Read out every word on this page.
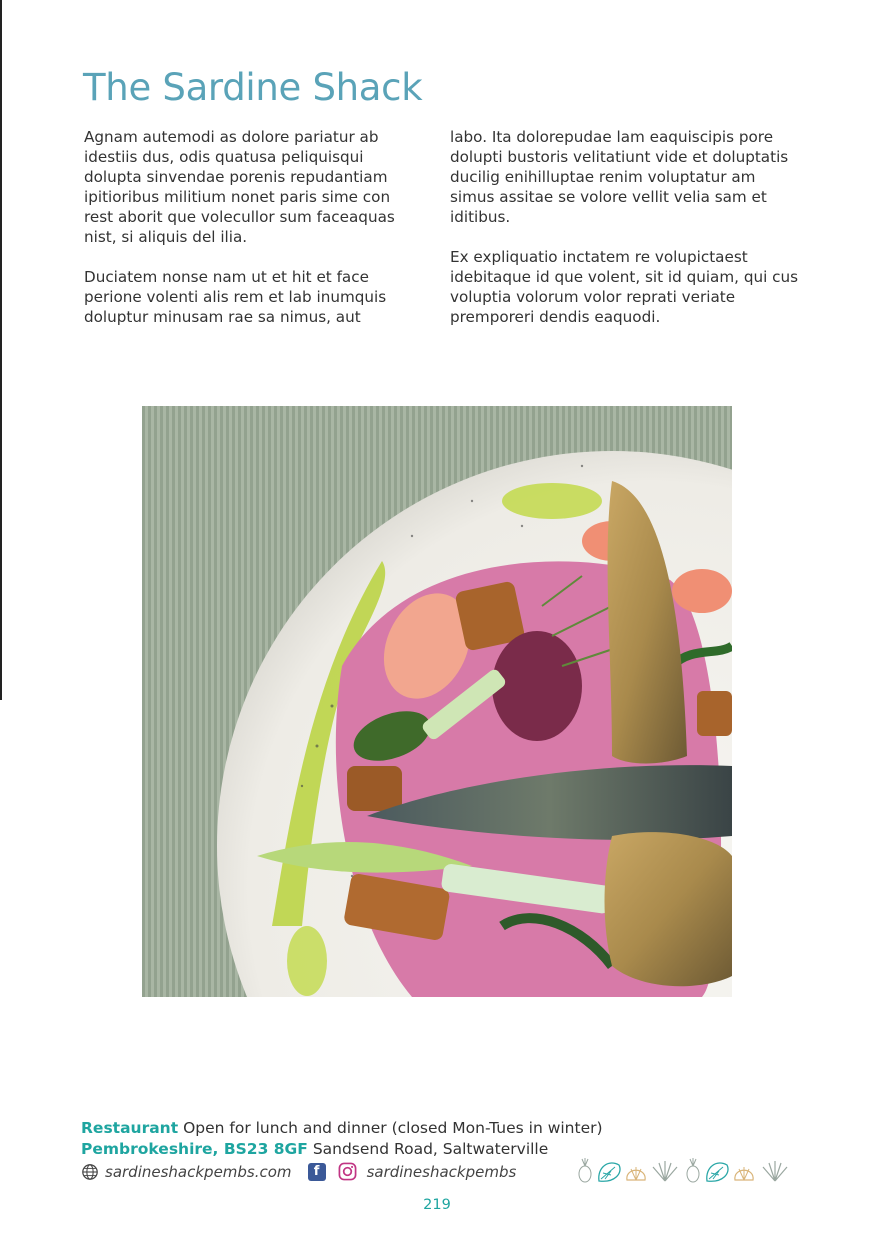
The Sardine Shack

Agnam autemodi as dolore pariatur ab idestiis dus, odis quatusa peliquisqui dolupta sinvendae porenis repudantiam ipitioribus militium nonet paris sime con rest aborit que volecullor sum faceaquas nist, si aliquis del ilia.

Duciatem nonse nam ut et hit et face perione volenti alis rem et lab inumquis doluptur minusam rae sa nimus, aut

labo. Ita dolorepudae lam eaquiscipis pore dolupti bustoris velitatiunt vide et doluptatis ducilig enihilluptae renim voluptatur am simus assitae se volore vellit velia sam et iditibus.

Ex expliquatio inctatem re volupictaest idebitaque id que volent, sit id quiam, qui cus voluptia volorum volor reprati veriate premporeri dendis eaquodi.

Restaurant Open for lunch and dinner (closed Mon-Tues in winter)
Pembrokeshire, BS23 8GF Sandsend Road, Saltwaterville
sardineshackpembs.com	f	sardineshackpembs
219
